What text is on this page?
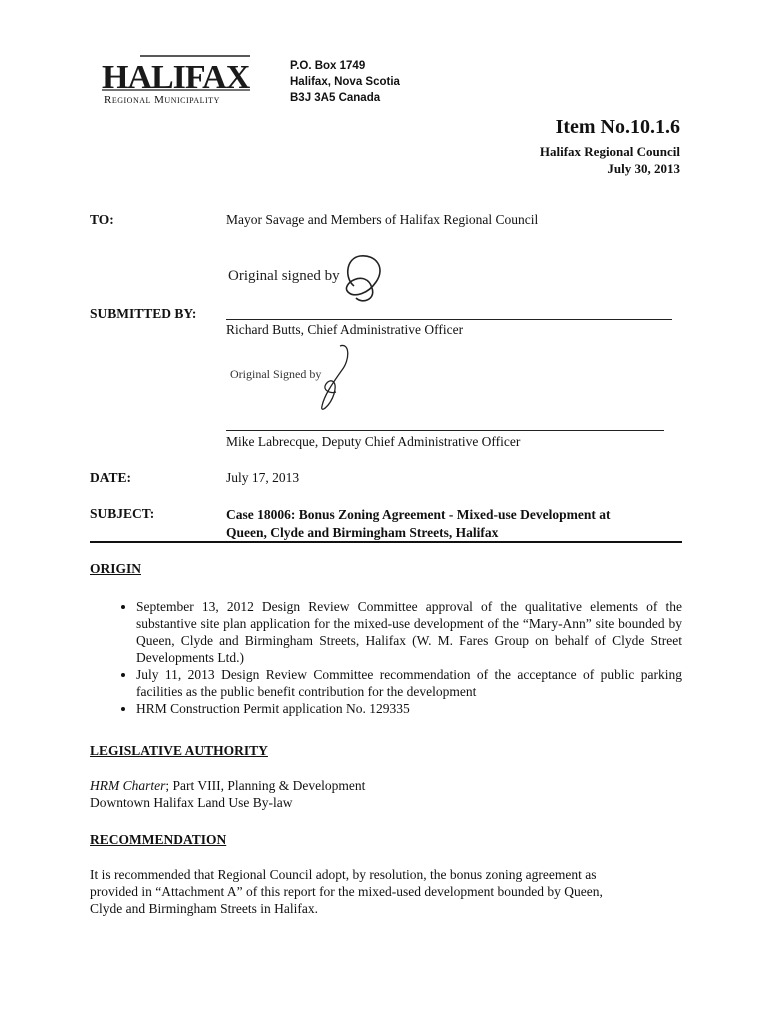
HALIFAX
Regional Municipality
P.O. Box 1749
Halifax, Nova Scotia
B3J 3A5 Canada
Item No.10.1.6
Halifax Regional Council
July 30, 2013
TO:	Mayor Savage and Members of Halifax Regional Council
Original signed by
SUBMITTED BY:
Richard Butts, Chief Administrative Officer
Original Signed by
Mike Labrecque, Deputy Chief Administrative Officer
DATE:	July 17, 2013
SUBJECT:	Case 18006: Bonus Zoning Agreement - Mixed-use Development at
Queen, Clyde and Birmingham Streets, Halifax
ORIGIN
• September 13, 2012 Design Review Committee approval of the qualitative elements of the substantive site plan application for the mixed-use development of the “Mary-Ann” site bounded by Queen, Clyde and Birmingham Streets, Halifax (W. M. Fares Group on behalf of Clyde Street Developments Ltd.)
• July 11, 2013 Design Review Committee recommendation of the acceptance of public parking facilities as the public benefit contribution for the development
• HRM Construction Permit application No. 129335
LEGISLATIVE AUTHORITY
HRM Charter; Part VIII, Planning & Development
Downtown Halifax Land Use By-law
RECOMMENDATION
It is recommended that Regional Council adopt, by resolution, the bonus zoning agreement as
provided in “Attachment A” of this report for the mixed-used development bounded by Queen,
Clyde and Birmingham Streets in Halifax.
